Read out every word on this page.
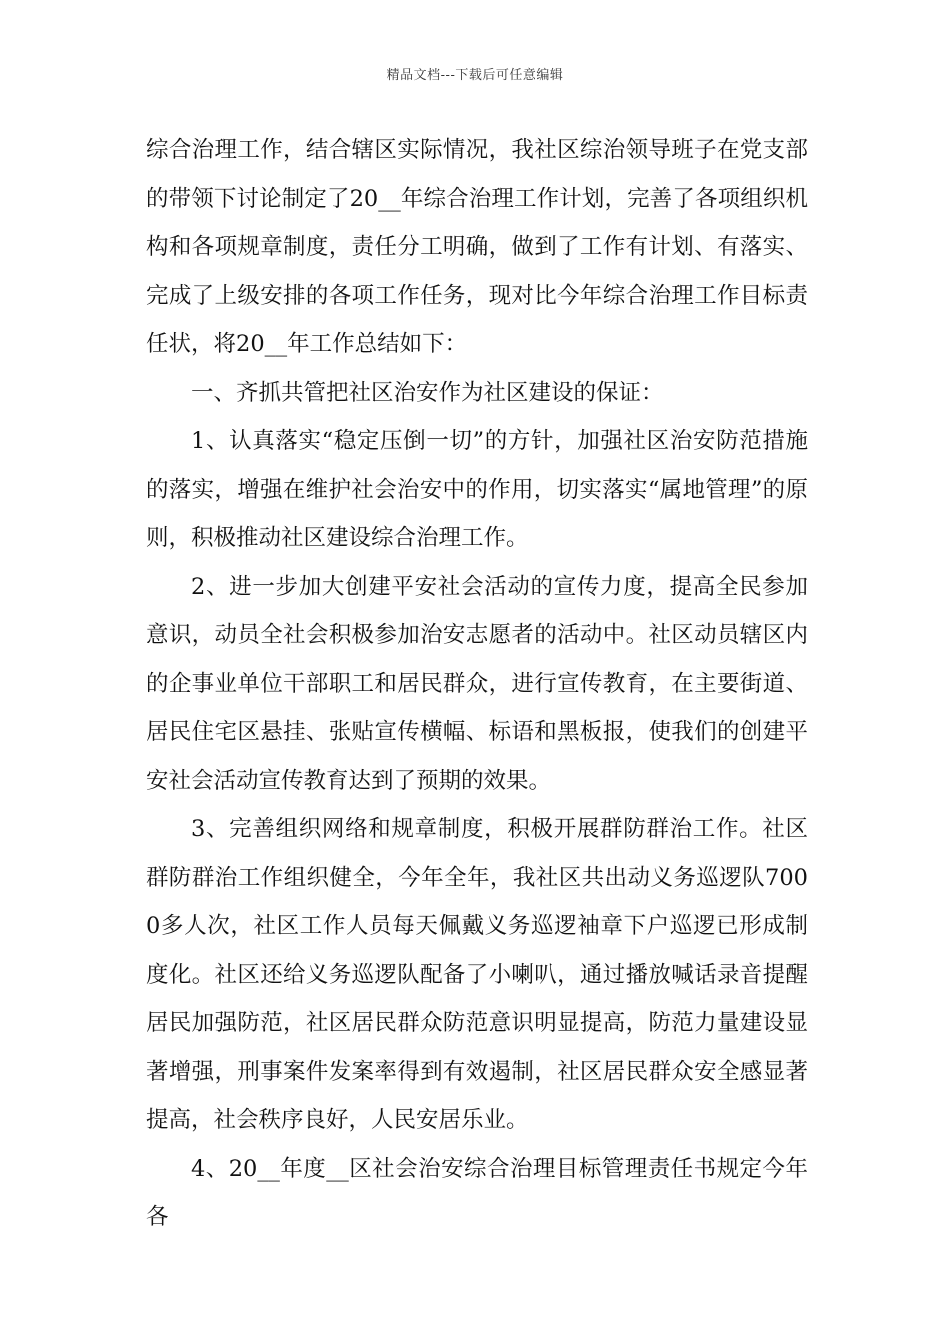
精品文档---下载后可任意编辑

综合治理工作，结合辖区实际情况，我社区综治领导班子在党支部的带领下讨论制定了20__年综合治理工作计划，完善了各项组织机构和各项规章制度，责任分工明确，做到了工作有计划、有落实、完成了上级安排的各项工作任务，现对比今年综合治理工作目标责任状，将20__年工作总结如下：

一、齐抓共管把社区治安作为社区建设的保证：

1、认真落实“稳定压倒一切”的方针，加强社区治安防范措施的落实，增强在维护社会治安中的作用，切实落实“属地管理”的原则，积极推动社区建设综合治理工作。

2、进一步加大创建平安社会活动的宣传力度，提高全民参加意识，动员全社会积极参加治安志愿者的活动中。社区动员辖区内的企事业单位干部职工和居民群众，进行宣传教育，在主要街道、居民住宅区悬挂、张贴宣传横幅、标语和黑板报，使我们的创建平安社会活动宣传教育达到了预期的效果。

3、完善组织网络和规章制度，积极开展群防群治工作。社区群防群治工作组织健全，今年全年，我社区共出动义务巡逻队7000多人次，社区工作人员每天佩戴义务巡逻袖章下户巡逻已形成制度化。社区还给义务巡逻队配备了小喇叭，通过播放喊话录音提醒居民加强防范，社区居民群众防范意识明显提高，防范力量建设显著增强，刑事案件发案率得到有效遏制，社区居民群众安全感显著提高，社会秩序良好，人民安居乐业。

4、20__年度__区社会治安综合治理目标管理责任书规定今年各
